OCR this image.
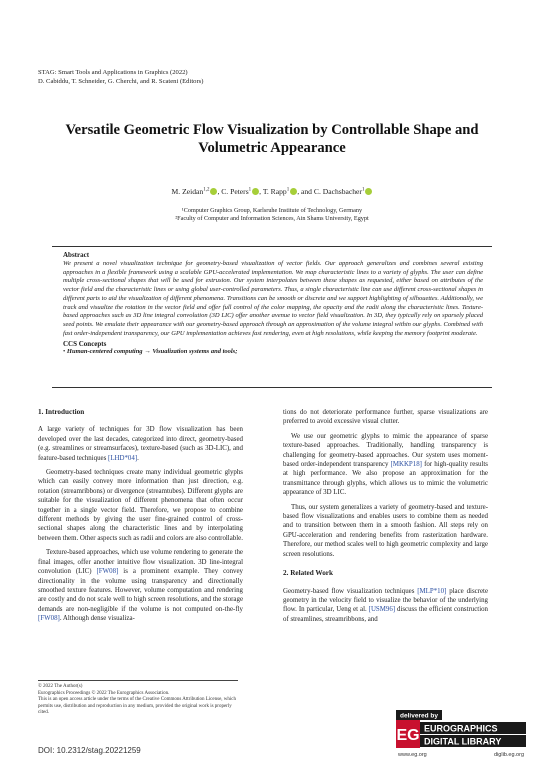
STAG: Smart Tools and Applications in Graphics (2022)
D. Cabiddu, T. Schneider, G. Cherchi, and R. Scateni (Editors)
Versatile Geometric Flow Visualization by Controllable Shape and
Volumetric Appearance
M. Zeidan$^{1,2}$ , C. Peters$^1$ , T. Rapp$^1$ , and C. Dachsbacher$^1$
¹Computer Graphics Group, Karlsruhe Institute of Technology, Germany
²Faculty of Computer and Information Sciences, Ain Shams University, Egypt
Abstract
We present a novel visualization technique for geometry-based visualization of vector fields. Our approach generalizes and combines several existing approaches in a flexible framework using a scalable GPU-accelerated implementation. We map characteristic lines to a variety of glyphs. The user can define multiple cross-sectional shapes that will be used for extrusion. Our system interpolates between these shapes as requested, either based on attributes of the vector field and the characteristic lines or using global user-controlled parameters. Thus, a single characteristic line can use different cross-sectional shapes in different parts to aid the visualization of different phenomena. Transitions can be smooth or discrete and we support highlighting of silhouettes. Additionally, we track and visualize the rotation in the vector field and offer full control of the color mapping, the opacity and the radii along the characteristic lines. Texture-based approaches such as 3D line integral convolution (3D LIC) offer another avenue to vector field visualization. In 3D, they typically rely on sparsely placed seed points. We emulate their appearance with our geometry-based approach through an approximation of the volume integral within our glyphs. Combined with fast order-independent transparency, our GPU implementation achieves fast rendering, even at high resolutions, while keeping the memory footprint moderate.
CCS Concepts
• Human-centered computing → Visualization systems and tools;
1. Introduction

A large variety of techniques for 3D flow visualization has been developed over the last decades, categorized into direct, geometry-based (e.g. streamlines or streamsurfaces), texture-based (such as 3D-LIC), and feature-based techniques [LHD*04].

Geometry-based techniques create many individual geometric glyphs which can easily convey more information than just direction, e.g. rotation (streamribbons) or divergence (streamtubes). Different glyphs are suitable for the visualization of different phenomena that often occur together in a single vector field. Therefore, we propose to combine different methods by giving the user fine-grained control of cross-sectional shapes along the characteristic lines and by interpolating between them. Other aspects such as radii and colors are also controllable.

Texture-based approaches, which use volume rendering to generate the final images, offer another intuitive flow visualization. 3D line-integral convolution (LIC) [FW08] is a prominent example. They convey directionality in the volume using transparency and directionally smoothed texture features. However, volume computation and rendering are costly and do not scale well to high screen resolutions, and the storage demands are non-negligible if the volume is not computed on-the-fly [FW08]. Although dense visualiza-

tions do not deteriorate performance further, sparse visualizations are preferred to avoid excessive visual clutter.

We use our geometric glyphs to mimic the appearance of sparse texture-based approaches. Traditionally, handling transparency is challenging for geometry-based approaches. Our system uses moment-based order-independent transparency [MKKP18] for high-quality results at high performance. We also propose an approximation for the transmittance through glyphs, which allows us to mimic the volumetric appearance of 3D LIC.

Thus, our system generalizes a variety of geometry-based and texture-based flow visualizations and enables users to combine them as needed and to transition between them in a smooth fashion. All steps rely on GPU-acceleration and rendering benefits from rasterization hardware. Therefore, our method scales well to high geometric complexity and large screen resolutions.

2. Related Work

Geometry-based flow visualization techniques [MLP*10] place discrete geometry in the velocity field to visualize the behavior of the underlying flow. In particular, Ueng et al. [USM96] discuss the efficient construction of streamlines, streamribbons, and

© 2022 The Author(s)
Eurographics Proceedings © 2022 The Eurographics Association.
This is an open access article under the terms of the Creative Commons Attribution License, which permits use, distribution and reproduction in any medium, provided the original work is properly cited.
DOI: 10.2312/stag.20221259
delivered by
EG EUROGRAPHICS
DIGITAL LIBRARY
www.eg.org	diglib.eg.org
